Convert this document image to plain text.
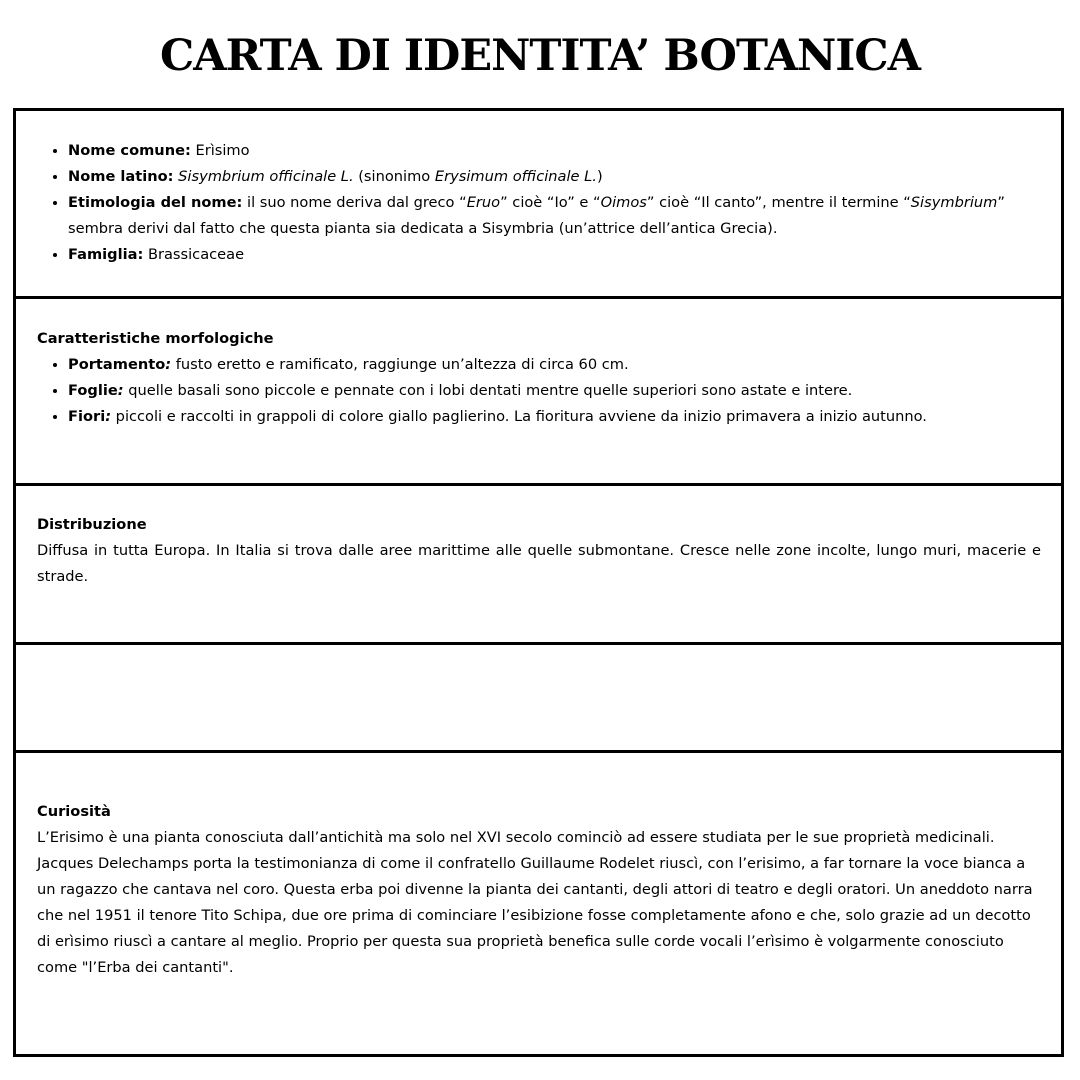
CARTA DI IDENTITA’ BOTANICA
• Nome comune: Erìsimo
• Nome latino: Sisymbrium officinale L. (sinonimo Erysimum officinale L.)
• Etimologia del nome: il suo nome deriva dal greco “Eruo” cioè “Io” e “Oimos” cioè “Il canto”, mentre il termine “Sisymbrium” sembra derivi dal fatto che questa pianta sia dedicata a Sisymbria (un’attrice dell’antica Grecia).
• Famiglia: Brassicaceae
Caratteristiche morfologiche
• Portamento: fusto eretto e ramificato, raggiunge un’altezza di circa 60 cm.
• Foglie: quelle basali sono piccole e pennate con i lobi dentati mentre quelle superiori sono astate e intere.
• Fiori: piccoli e raccolti in grappoli di colore giallo paglierino. La fioritura avviene da inizio primavera a inizio autunno.
Distribuzione
Diffusa in tutta Europa. In Italia si trova dalle aree marittime alle quelle submontane. Cresce nelle zone incolte, lungo muri, macerie e strade.
Curiosità
L’Erisimo è una pianta conosciuta dall’antichità ma solo nel XVI secolo cominciò ad essere studiata per le sue proprietà medicinali. Jacques Delechamps porta la testimonianza di come il confratello Guillaume Rodelet riuscì, con l’erisimo, a far tornare la voce bianca a un ragazzo che cantava nel coro. Questa erba poi divenne la pianta dei cantanti, degli attori di teatro e degli oratori. Un aneddoto narra che nel 1951 il tenore Tito Schipa, due ore prima di cominciare l’esibizione fosse completamente afono e che, solo grazie ad un decotto di erìsimo riuscì a cantare al meglio. Proprio per questa sua proprietà benefica sulle corde vocali l’erìsimo è volgarmente conosciuto come "l’Erba dei cantanti".
